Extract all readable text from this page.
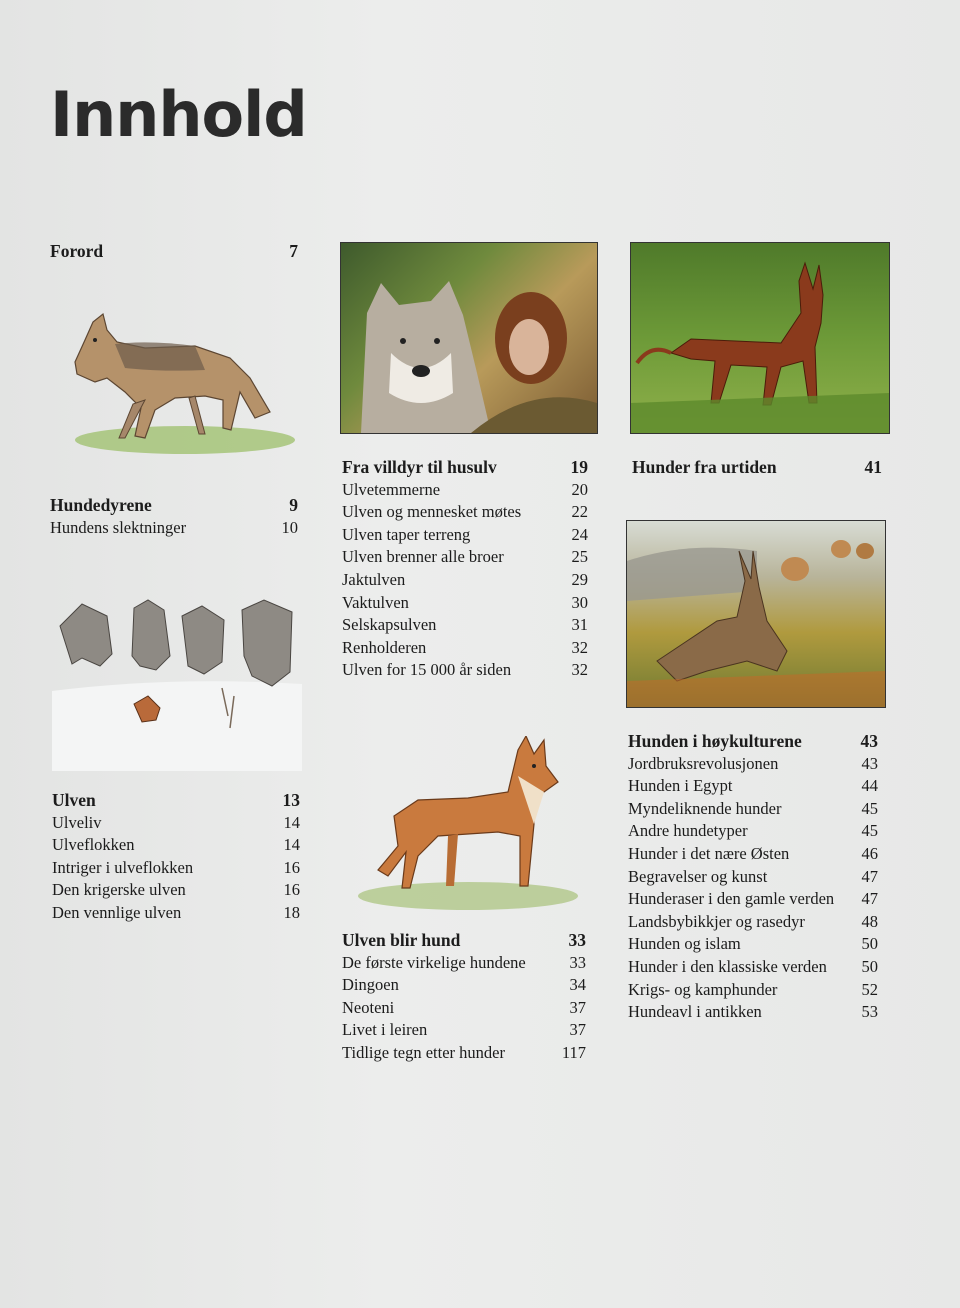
Innhold
Forord	7
Hundedyrene	9
Hundens slektninger	10
Ulven	13
Ulveliv	14
Ulveflokken	14
Intriger i ulveflokken	16
Den krigerske ulven	16
Den vennlige ulven	18
Fra villdyr til husulv	19
Ulvetemmerne	20
Ulven og mennesket møtes	22
Ulven taper terreng	24
Ulven brenner alle broer	25
Jaktulven	29
Vaktulven	30
Selskapsulven	31
Renholderen	32
Ulven for 15 000 år siden	32
Ulven blir hund	33
De første virkelige hundene	33
Dingoen	34
Neoteni	37
Livet i leiren	37
Tidlige tegn etter hunder	117
Hunder fra urtiden	41
Hunden i høykulturene	43
Jordbruksrevolusjonen	43
Hunden i Egypt	44
Myndeliknende hunder	45
Andre hundetyper	45
Hunder i det nære Østen	46
Begravelser og kunst	47
Hunderaser i den gamle verden 47
Landsbybikkjer og rasedyr	48
Hunden og islam	50
Hunder i den klassiske verden 50
Krigs- og kamphunder	52
Hundeavl i antikken	53
